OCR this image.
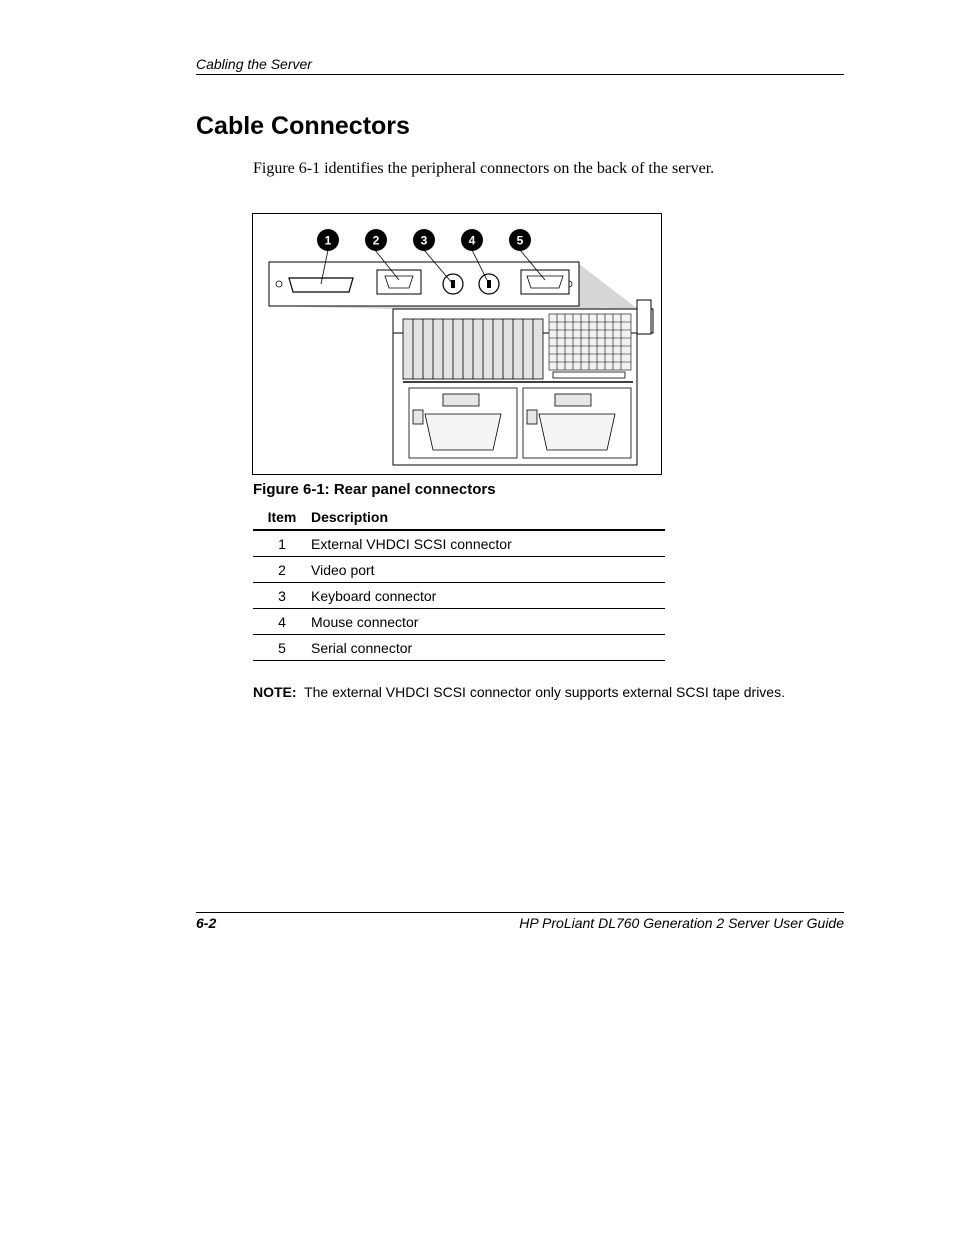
Cabling the Server
Cable Connectors
Figure 6-1 identifies the peripheral connectors on the back of the server.
1	2	3	4	5
Figure 6-1: Rear panel connectors
Item	Description
1	External VHDCI SCSI connector
2	Video port
3	Keyboard connector
4	Mouse connector
5	Serial connector
NOTE: The external VHDCI SCSI connector only supports external SCSI tape drives.
6-2	HP ProLiant DL760 Generation 2 Server User Guide
